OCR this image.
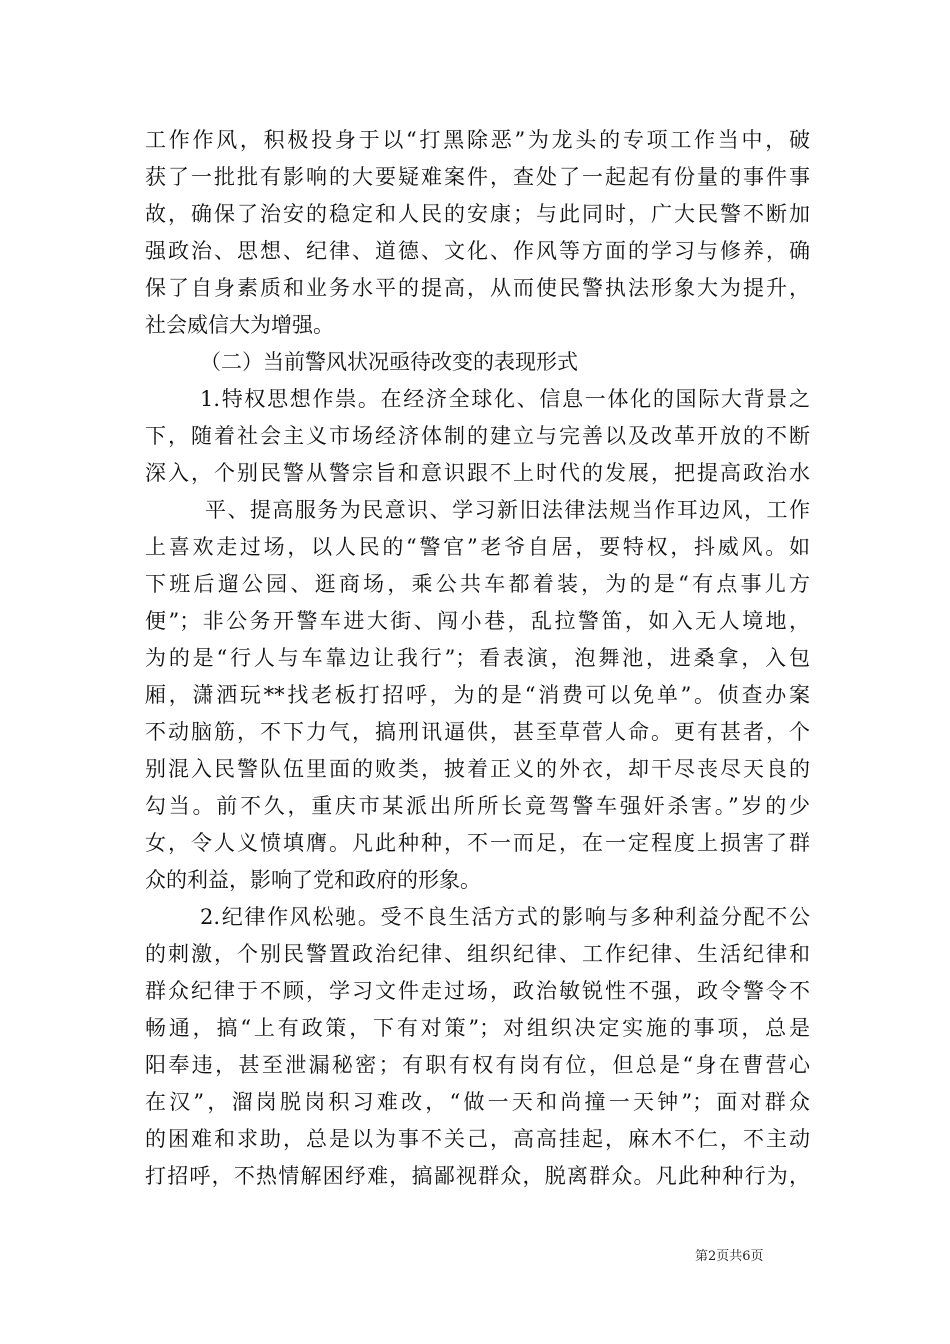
工作作风，积极投身于以“打黑除恶”为龙头的专项工作当中，破
获了一批批有影响的大要疑难案件，查处了一起起有份量的事件事
故，确保了治安的稳定和人民的安康；与此同时，广大民警不断加
强政治、思想、纪律、道德、文化、作风等方面的学习与修养，确
保了自身素质和业务水平的提高，从而使民警执法形象大为提升，
社会威信大为增强。
（二）当前警风状况亟待改变的表现形式
1.特权思想作祟。在经济全球化、信息一体化的国际大背景之
下，随着社会主义市场经济体制的建立与完善以及改革开放的不断
深入，个别民警从警宗旨和意识跟不上时代的发展，把提高政治水
平、提高服务为民意识、学习新旧法律法规当作耳边风，工作
上喜欢走过场，以人民的“警官”老爷自居，要特权，抖威风。如
下班后遛公园、逛商场，乘公共车都着装，为的是“有点事儿方
便”；非公务开警车进大街、闯小巷，乱拉警笛，如入无人境地，
为的是“行人与车靠边让我行”；看表演，泡舞池，进桑拿，入包
厢，潇洒玩**找老板打招呼，为的是“消费可以免单”。侦查办案
不动脑筋，不下力气，搞刑讯逼供，甚至草菅人命。更有甚者，个
别混入民警队伍里面的败类，披着正义的外衣，却干尽丧尽天良的
勾当。前不久，重庆市某派出所所长竟驾警车强奸杀害。”岁的少
女，令人义愤填膺。凡此种种，不一而足，在一定程度上损害了群
众的利益，影响了党和政府的形象。
2.纪律作风松驰。受不良生活方式的影响与多种利益分配不公
的刺激，个别民警置政治纪律、组织纪律、工作纪律、生活纪律和
群众纪律于不顾，学习文件走过场，政治敏锐性不强，政令警令不
畅通，搞“上有政策，下有对策”；对组织决定实施的事项，总是
阳奉违，甚至泄漏秘密；有职有权有岗有位，但总是“身在曹营心
在汉”，溜岗脱岗积习难改，“做一天和尚撞一天钟”；面对群众
的困难和求助，总是以为事不关己，高高挂起，麻木不仁，不主动
打招呼，不热情解困纾难，搞鄙视群众，脱离群众。凡此种种行为，
第2页共6页
